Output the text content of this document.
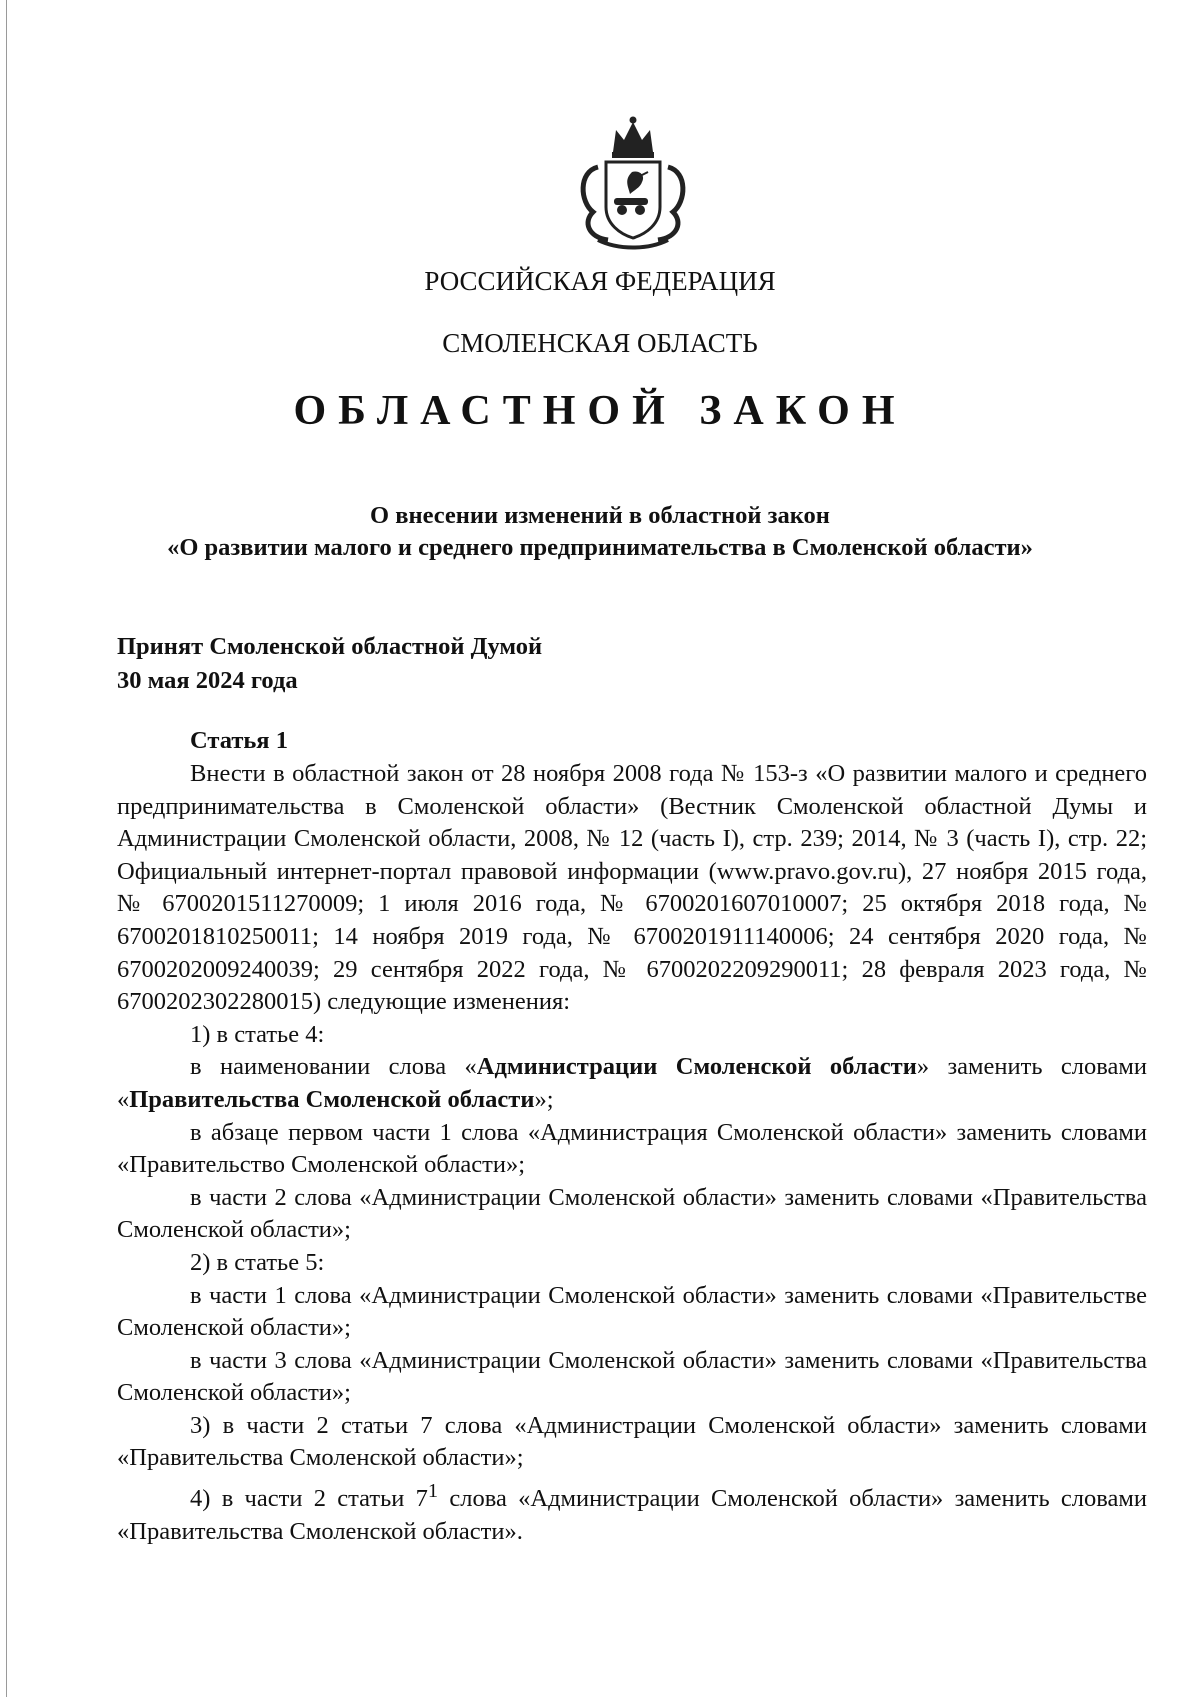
РОССИЙСКАЯ ФЕДЕРАЦИЯ
СМОЛЕНСКАЯ ОБЛАСТЬ
ОБЛАСТНОЙ ЗАКОН
О внесении изменений в областной закон
«О развитии малого и среднего предпринимательства в Смоленской области»
Принят Смоленской областной Думой
30 мая 2024 года
Статья 1

Внести в областной закон от 28 ноября 2008 года № 153-з «О развитии малого и среднего предпринимательства в Смоленской области» (Вестник Смоленской областной Думы и Администрации Смоленской области, 2008, № 12 (часть I), стр. 239; 2014, № 3 (часть I), стр. 22; Официальный интернет-портал правовой информации (www.pravo.gov.ru), 27 ноября 2015 года, № 6700201511270009; 1 июля 2016 года, № 6700201607010007; 25 октября 2018 года, № 6700201810250011; 14 ноября 2019 года, № 6700201911140006; 24 сентября 2020 года, № 6700202009240039; 29 сентября 2022 года, № 6700202209290011; 28 февраля 2023 года, № 6700202302280015) следующие изменения:

1) в статье 4:

в наименовании слова «Администрации Смоленской области» заменить словами «Правительства Смоленской области»;

в абзаце первом части 1 слова «Администрация Смоленской области» заменить словами «Правительство Смоленской области»;

в части 2 слова «Администрации Смоленской области» заменить словами «Правительства Смоленской области»;

2) в статье 5:

в части 1 слова «Администрации Смоленской области» заменить словами «Правительстве Смоленской области»;

в части 3 слова «Администрации Смоленской области» заменить словами «Правительства Смоленской области»;

3) в части 2 статьи 7 слова «Администрации Смоленской области» заменить словами «Правительства Смоленской области»;

4) в части 2 статьи $7^1$ слова «Администрации Смоленской области» заменить словами «Правительства Смоленской области».
